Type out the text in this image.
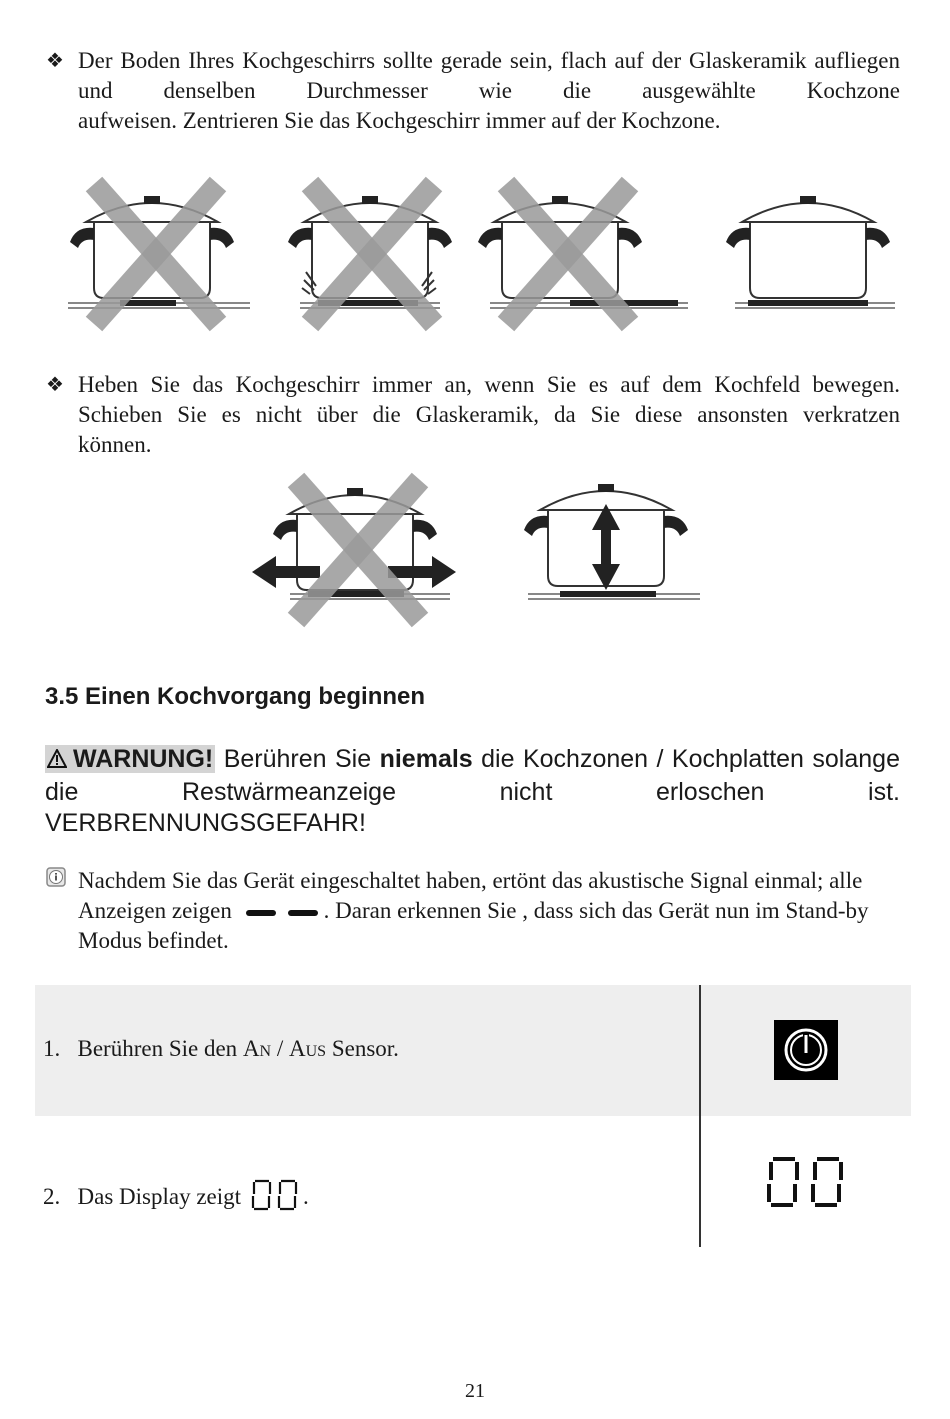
❖ Der Boden Ihres Kochgeschirrs sollte gerade sein, flach auf der Glaskeramik aufliegen und denselben Durchmesser wie die ausgewählte Kochzone
aufweisen. Zentrieren Sie das Kochgeschirr immer auf der Kochzone.
❖ Heben Sie das Kochgeschirr immer an, wenn Sie es auf dem Kochfeld bewegen. Schieben Sie es nicht über die Glaskeramik, da Sie diese ansonsten verkratzen
können.
3.5 Einen Kochvorgang beginnen
WARNUNG! Berühren Sie niemals die Kochzonen / Kochplatten solange die Restwärmeanzeige nicht erloschen ist.
VERBRENNUNGSGEFAHR!
Nachdem Sie das Gerät eingeschaltet haben, ertönt das akustische Signal einmal; alle Anzeigen zeigen	. Daran erkennen Sie , dass sich das Gerät nun im Stand-by Modus befindet.
1. Berühren Sie den An / Aus Sensor.
2. Das Display zeigt	.
21
